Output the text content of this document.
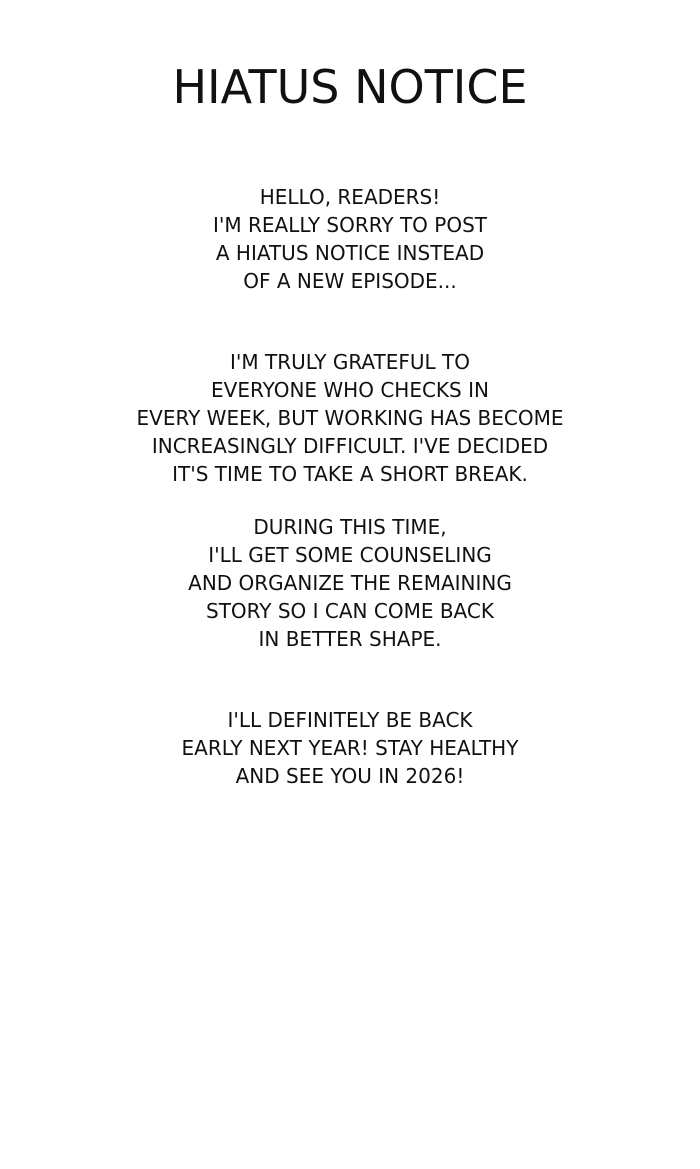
HIATUS NOTICE
HELLO, READERS!
I'M REALLY SORRY TO POST
A HIATUS NOTICE INSTEAD
OF A NEW EPISODE...
I'M TRULY GRATEFUL TO
EVERYONE WHO CHECKS IN
EVERY WEEK, BUT WORKING HAS BECOME
INCREASINGLY DIFFICULT. I'VE DECIDED
IT'S TIME TO TAKE A SHORT BREAK.
DURING THIS TIME,
I'LL GET SOME COUNSELING
AND ORGANIZE THE REMAINING
STORY SO I CAN COME BACK
IN BETTER SHAPE.
I'LL DEFINITELY BE BACK
EARLY NEXT YEAR! STAY HEALTHY
AND SEE YOU IN 2026!
